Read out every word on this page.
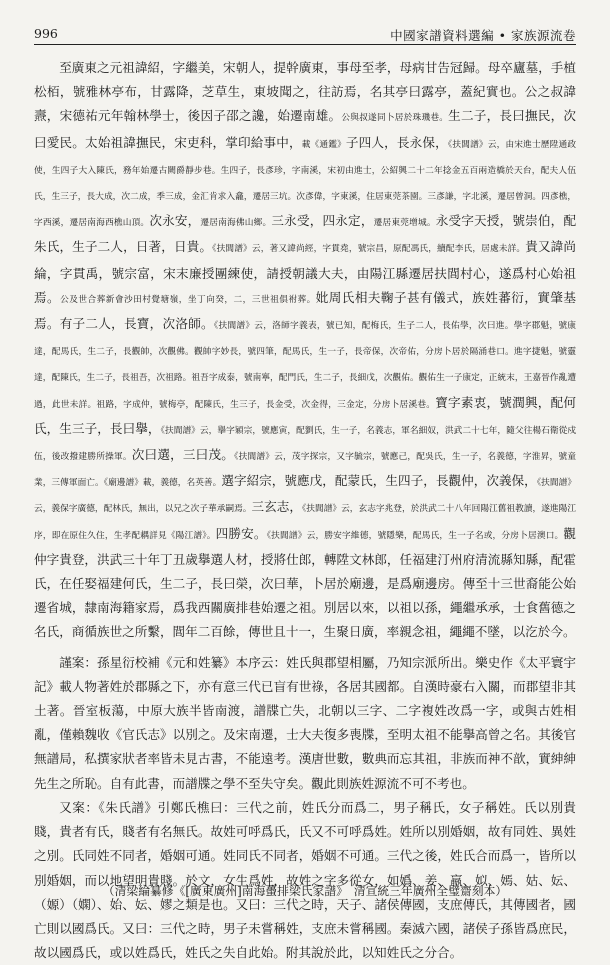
996	中國家譜資料選編 • 家族源流卷

至廣東之元祖諱紹，字繼美，宋朝人，提幹廣東，事母至孝，母病甘告冠歸。母卒廬墓，手植松栢，號雅林亭布，甘露降，芝草生，東坡聞之，往訪焉，名其亭曰露亭，蓋紀實也。公之叔諱燾，宋德祐元年翰林學士，後因子邵之讒，始遷南雄。公與叔遂同卜居於珠璣巷。生二子，長曰撫民，次曰愛民。太始祖諱撫民，宋吏科，掌印給事中，載《通鑑》子四人，長永保，《扶閭譜》云，由宋進士歷陞通政使，生四子大入陳氏，務年始遷古闕爵靜步巷。生四子，長彥珍，字南溪，宋初由進士，公紹興二十二年捻金五百兩造橋於天台，配夫人伍氏，生三子，長大成，次二成，季三成，金汇肯求入龕，遷居三坑。次彥偉，字東溪，住居東莞茶園。三彥謙，字北溪，遷居曾洞。四彥樵，字西溪，遷居南海西樵山頂。次永安，遷居南海佛山鄉。三永受，四永定，遷居東莞增城。永受字天授，號崇伯，配朱氏，生子二人，日著，日貴。《扶閭譜》云，著又諱尚經，字貫堯，號宗昌，原配馮氏，續配李氏，居處未詳。貴又諱尚綸，字貫禹，號宗富，宋末廉授團練使，請授朝議大夫，由陽江縣遷居扶閭村心，遂爲村心始祖焉。公及世合葬新會沙田村覺塘嶺，坐丁向癸，二，三世祖俱祔葬。妣周氏相夫鞠子甚有儀式，族姓蕃衍，實肇基焉。有子二人，長寶，次洛師。《扶閭譜》云，洛師字義表，號已知，配梅氏，生子二人，長佑學，次曰進。學字郡魁，號康達，配馬氏，生二子，長觀帥，次觀佛。觀帥字妙長，號四筆，配馬氏，生一子，長帝保，次帝佑，分房卜居於隔涌巷口。進字捷魁，號靈達，配陳氏，生二子，長祖吾，次祖路。祖吾字成泰，號南寧，配門氏，生二子，長細戊，次觀佑。觀佑生一子康定，正統末，王嘉晉作亂遭過，此世未詳。祖路，字成仲，號梅亭，配陳氏，生三子，長金受，次金得，三金定，分房卜居溪巷。寶字素衷，號潤興，配何氏，生三子，長曰擧，《扶閭譜》云，擧字穎宗，號應寅，配劉氏，生一子，名義志，軍名細奴，洪武二十七年，隨父往楊石衛從戍伍，後改撥建勝所操軍。次曰選，三曰茂。《扶閭譜》云，茂字探宗，又字毓宗，號應己，配吳氏，生一子，名義德，字淮昇，號童業，三傳軍面亡。《廟邊譜》載，義德，名英善。選字紹宗，號應戊，配蒙氏，生四子，長觀仲，次義保，《扶閭譜》云，義保字廣德，配林氏，無出，以兄之次子華承嗣焉。三玄志，《扶閭譜》云，玄志字兆登，於洪武二十八年回陽江舊祖教讀，遂進陽江序，即在原住久住，生孝配耦詳見《陽江譜》。四勝安。《扶閭譜》云，勝安字維德，號隱樂，配馬氏，生一子名或，分房卜居澳口。觀仲字貴登，洪武三十年丁丑歲擧選人材，授將仕郎，轉陞文林郎，任福建汀州府清流縣知縣，配霍氏，在任娶福建何氏，生二子，長曰榮，次曰華，卜居於廟邊，是爲廟邊房。傳至十三世裔能公始遷省城，隸南海籍家焉，爲我西關廣排巷始遷之祖。別居以來，以祖以孫，繩繼承承，士食舊德之名氏，商循族世之所繫，閭年二百餘，傳世且十一，生聚日廣，率親念祖，繩繩不墜，以汔於今。

謹案：孫星衍校補《元和姓纂》本序云：姓氏與郡望相屬，乃知宗派所出。樂史作《太平寰宇記》載人物著姓於郡縣之下，亦有意三代已盲有世祿，各居其國都。自漢時豪右入關，而郡望非其土著。晉室板蕩，中原大族半皆南渡，譜牒亡失，北朝以三字、二字複姓改爲一字，或與古姓相亂，僅賴魏收《官氏志》以別之。及宋南遷，士大夫復多喪牒，至明太祖不能擧高曾之名。其後官無譜局，私撰家狀者率皆未見古書，不能遠考。漢唐世數，數典而忘其祖，非族而神不歆，實紳紳先生之所恥。自有此書，而譜牒之學不至失守矣。觀此則族姓源流不可不考也。

又案：《朱氏譜》引鄭氏樵曰：三代之前，姓氏分而爲二，男子稱氏，女子稱姓。氏以別貴賤，貴者有氏，賤者有名無氏。故姓可呼爲氏，氏又不可呼爲姓。姓所以別婚姻，故有同姓、異姓之別。氏同姓不同者，婚姻可通。姓同氏不同者，婚姻不可通。三代之後，姓氏合而爲一，皆所以別婚姻，而以地望明貴賤。於文，女生爲姓，故姓之字多從女，如嬀、姜、嬴、姒、嫣、姑、妘、（嫄）（嫻）、始、妘、嫪之類是也。又曰：三代之時，天子、諸侯傳國，支庶傳氏，其傳國者，國亡則以國爲氏。又曰：三代之時，男子未嘗稱姓，支庶未嘗稱國。秦滅六國，諸侯子孫皆爲庶民，故以國爲氏，或以姓爲氏，姓氏之失自此始。附其說於此，以知姓氏之分合。

（清梁綸纂修《[廣東廣州]南海蠆排梁氏家譜》　清宣統三年廣州全璧齋刻本）
